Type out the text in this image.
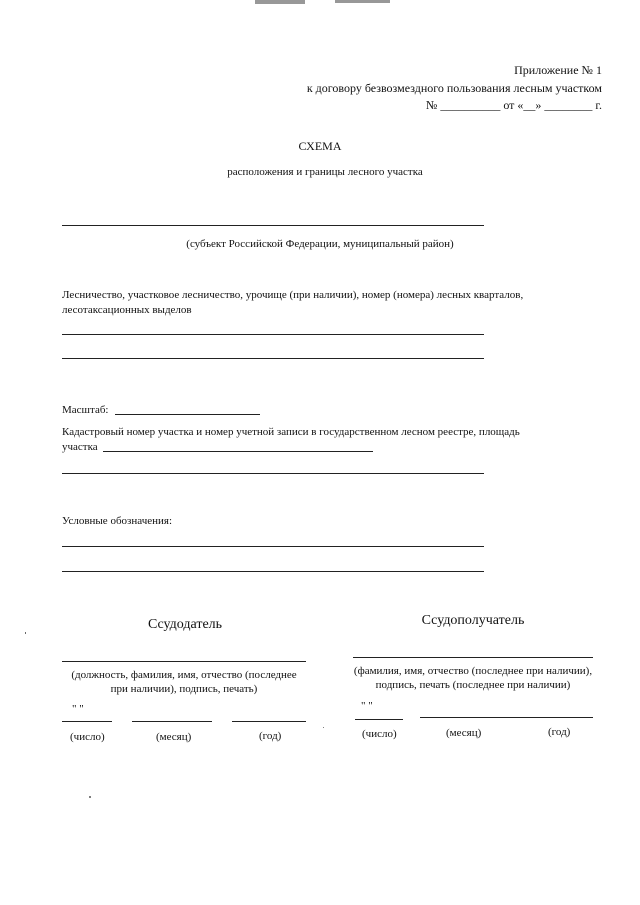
Приложение № 1
к договору безвозмездного пользования лесным участком
№ __________ от «__» ________ г.
СХЕМА
расположения и границы лесного участка
(субъект Российской Федерации, муниципальный район)
Лесничество, участковое лесничество, урочище (при наличии), номер (номера) лесных кварталов,
лесотаксационных выделов
Масштаб:
Кадастровый номер участка и номер учетной записи в государственном лесном реестре, площадь
участка
Условные обозначения:
Ссудодатель
(должность, фамилия, имя, отчество (последнее
при наличии), подпись, печать)
" "
(число)	(месяц)	(год)
Ссудополучатель
(фамилия, имя, отчество (последнее при наличии),
подпись, печать (последнее при наличии)
" "
(число)	(месяц)	(год)
